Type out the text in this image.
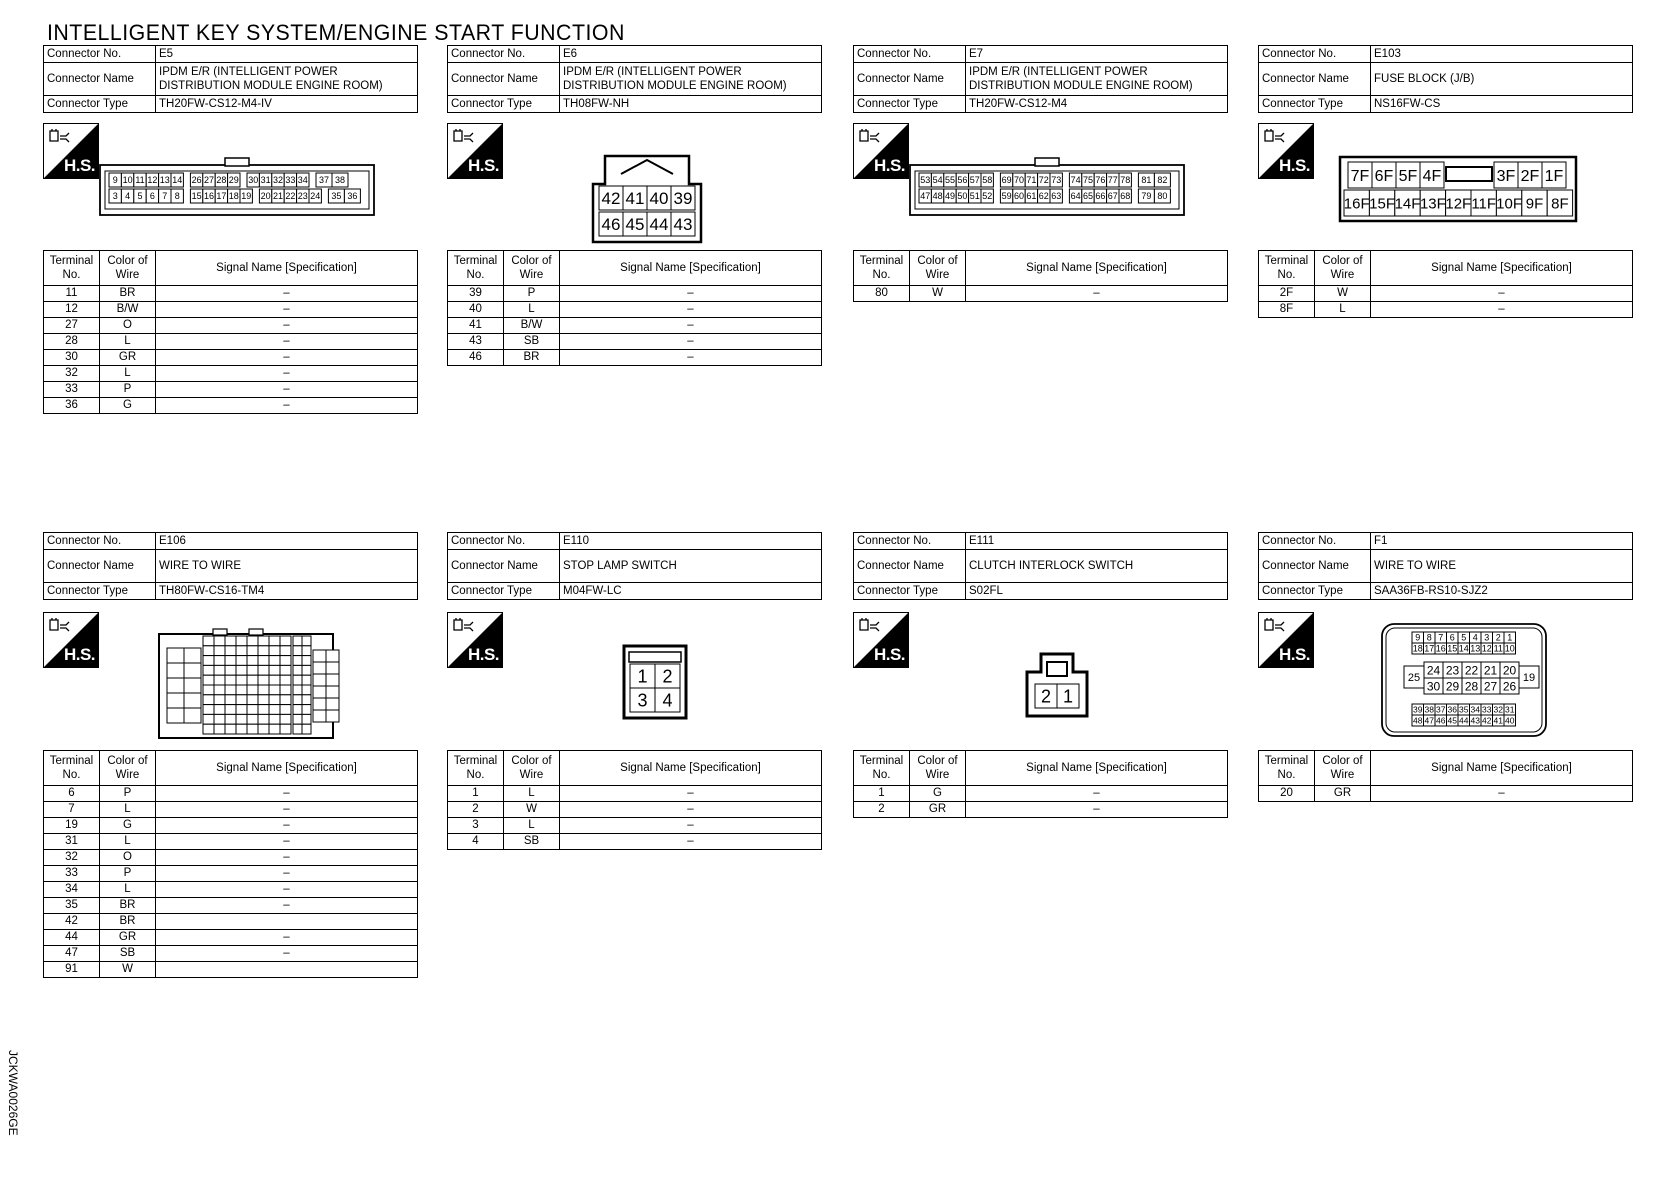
INTELLIGENT KEY SYSTEM/ENGINE START FUNCTION
Connector No.	E5
Connector Name	IPDM E/R (INTELLIGENT POWER DISTRIBUTION MODULE ENGINE ROOM)
Connector Type	TH20FW-CS12-M4-IV
H.S.
9 10 11 12 13 14 26 27 28 29 30 31 32 33 34 37 38
3 4 5 6 7 8 15 16 17 18 19 20 21 22 23 24 35 36
Terminal No.	Color of Wire	Signal Name [Specification]
11	BR	–
12	B/W	–
27	O	–
28	L	–
30	GR	–
32	L	–
33	P	–
36	G	–
Connector No.	E6
Connector Name	IPDM E/R (INTELLIGENT POWER DISTRIBUTION MODULE ENGINE ROOM)
Connector Type	TH08FW-NH
H.S.
42 41 40 39
46 45 44 43
Terminal No.	Color of Wire	Signal Name [Specification]
39	P	–
40	L	–
41	B/W	–
43	SB	–
46	BR	–
Connector No.	E7
Connector Name	IPDM E/R (INTELLIGENT POWER DISTRIBUTION MODULE ENGINE ROOM)
Connector Type	TH20FW-CS12-M4
H.S.
53 54 55 56 57 58 69 70 71 72 73 74 75 76 77 78 81 82
47 48 49 50 51 52 59 60 61 62 63 64 65 66 67 68 79 80
Terminal No.	Color of Wire	Signal Name [Specification]
80	W	–
Connector No.	E103
Connector Name	FUSE BLOCK (J/B)
Connector Type	NS16FW-CS
H.S.
7F 6F 5F 4F	3F 2F 1F
16F 15F 14F 13F 12F 11F 10F 9F 8F
Terminal No.	Color of Wire	Signal Name [Specification]
2F	W	–
8F	L	–
Connector No.	E106
Connector Name	WIRE TO WIRE
Connector Type	TH80FW-CS16-TM4
H.S.
Terminal No.	Color of Wire	Signal Name [Specification]
6	P	–
7	L	–
19	G	–
31	L	–
32	O	–
33	P	–
34	L	–
35	BR	–
42	BR	
44	GR	–
47	SB	–
91	W	
Connector No.	E110
Connector Name	STOP LAMP SWITCH
Connector Type	M04FW-LC
H.S.
1 2
3 4
Terminal No.	Color of Wire	Signal Name [Specification]
1	L	–
2	W	–
3	L	–
4	SB	–
Connector No.	E111
Connector Name	CLUTCH INTERLOCK SWITCH
Connector Type	S02FL
H.S.
2 1
Terminal No.	Color of Wire	Signal Name [Specification]
1	G	–
2	GR	–
Connector No.	F1
Connector Name	WIRE TO WIRE
Connector Type	SAA36FB-RS10-SJZ2
H.S.
9 8 7 6 5 4 3 2 1
18 17 16 15 14 13 12 11 10
25
24 23 22 21 20
30 29 28 27 26
19
39 38 37 36 35 34 33 32 31
48 47 46 45 44 43 42 41 40
Terminal No.	Color of Wire	Signal Name [Specification]
20	GR	–
JCKWA0026GE
